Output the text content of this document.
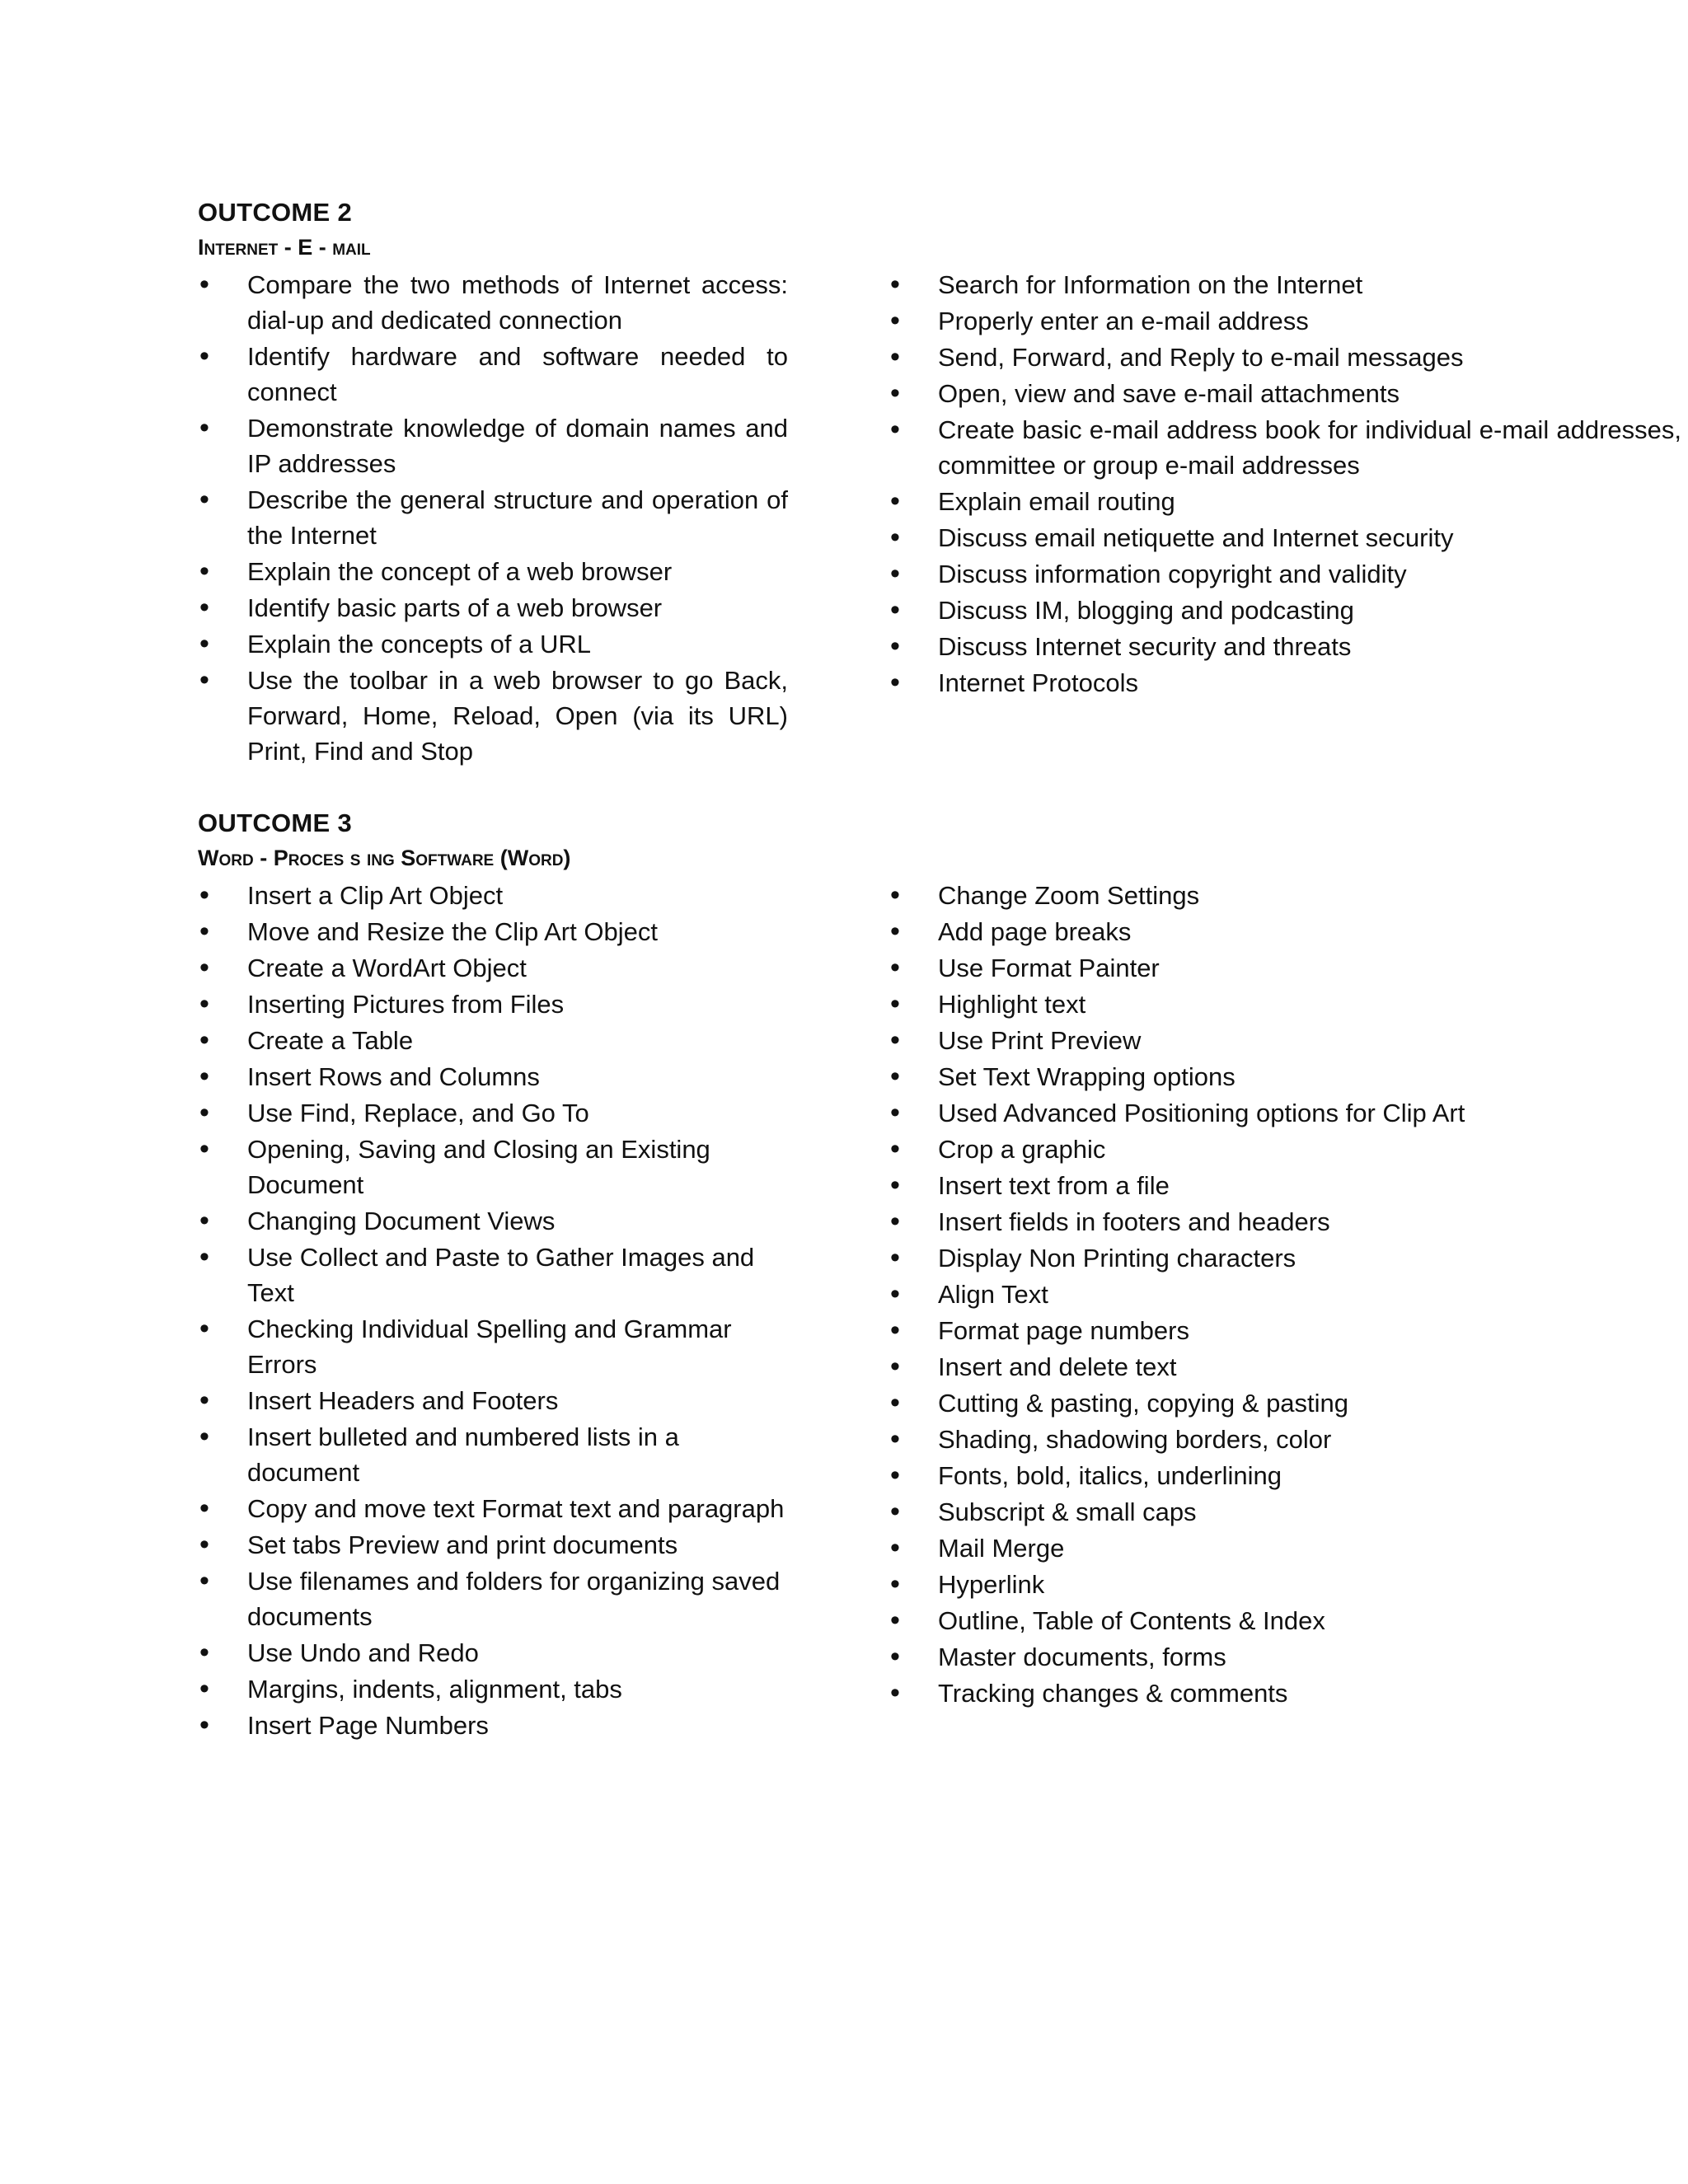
OUTCOME 2
Internet - E - mail
•	Compare the two methods of Internet access: dial-up and dedicated connection
•	Identify hardware and software needed to connect
•	Demonstrate knowledge of domain names and IP addresses
•	Describe the general structure and operation of the Internet
•	Explain the concept of a web browser
•	Identify basic parts of a web browser
•	Explain the concepts of a URL
•	Use the toolbar in a web browser to go Back, Forward, Home, Reload, Open (via its URL) Print, Find and Stop
•	Search for Information on the Internet
•	Properly enter an e-mail address
•	Send, Forward, and Reply to e-mail messages
•	Open, view and save e-mail attachments
•	Create basic e-mail address book for individual e-mail addresses, committee or group e-mail addresses
•	Explain email routing
•	Discuss email netiquette and Internet security
•	Discuss information copyright and validity
•	Discuss IM, blogging and podcasting
•	Discuss Internet security and threats
•	Internet Protocols
OUTCOME 3
Word - Proces s ing Software (Word)
•	Insert a Clip Art Object
•	Move and Resize the Clip Art Object
•	Create a WordArt Object
•	Inserting Pictures from Files
•	Create a Table
•	Insert Rows and Columns
•	Use Find, Replace, and Go To
•	Opening, Saving and Closing an Existing Document
•	Changing Document Views
•	Use Collect and Paste to Gather Images and Text
•	Checking Individual Spelling and Grammar Errors
•	Insert Headers and Footers
•	Insert bulleted and numbered lists in a document
•	Copy and move text Format text and paragraph
•	Set tabs Preview and print documents
•	Use filenames and folders for organizing saved documents
•	Use Undo and Redo
•	Margins, indents, alignment, tabs
•	Insert Page Numbers
•	Change Zoom Settings
•	Add page breaks
•	Use Format Painter
•	Highlight text
•	Use Print Preview
•	Set Text Wrapping options
•	Used Advanced Positioning options for Clip Art
•	Crop a graphic
•	Insert text from a file
•	Insert fields in footers and headers
•	Display Non Printing characters
•	Align Text
•	Format page numbers
•	Insert and delete text
•	Cutting & pasting, copying & pasting
•	Shading, shadowing borders, color
•	Fonts, bold, italics, underlining
•	Subscript & small caps
•	Mail Merge
•	Hyperlink
•	Outline, Table of Contents & Index
•	Master documents, forms
•	Tracking changes & comments
